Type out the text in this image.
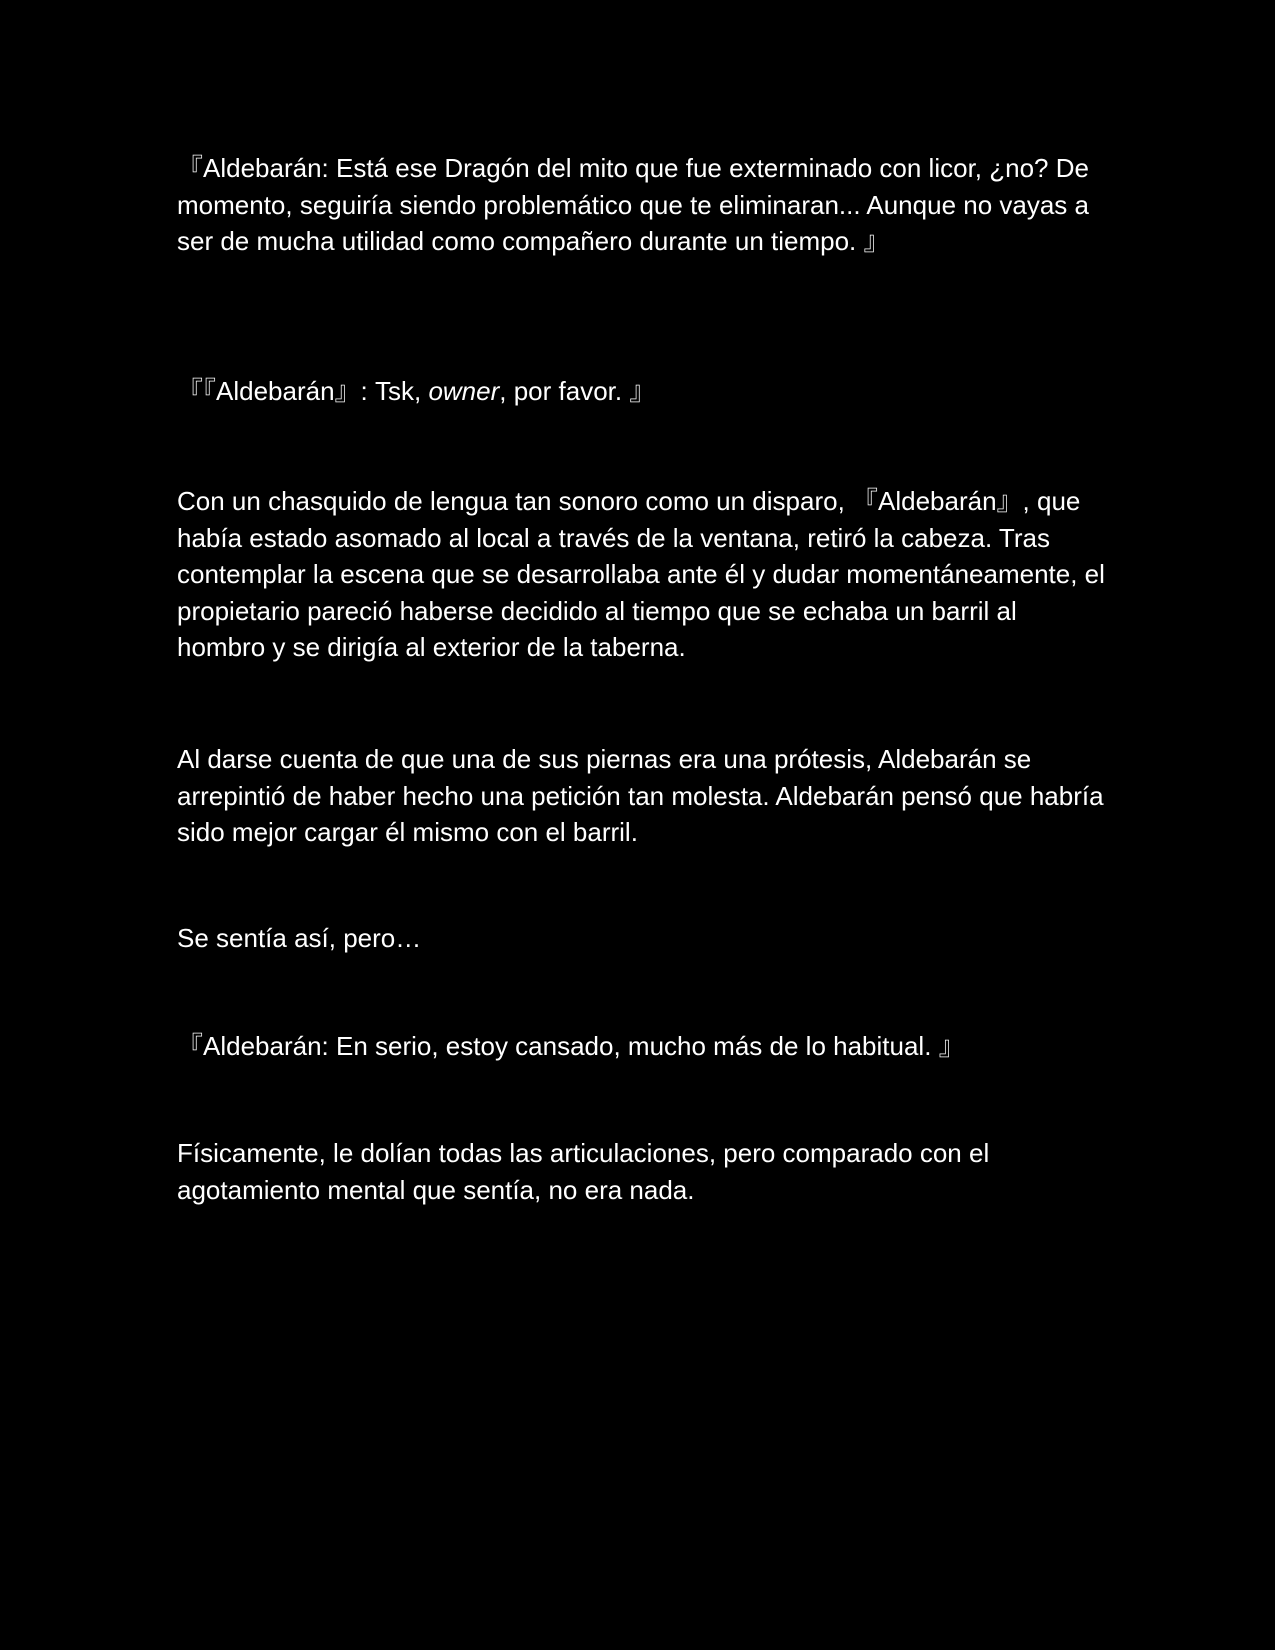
『Aldebarán: Está ese Dragón del mito que fue exterminado con licor, ¿no? De momento, seguiría siendo problemático que te eliminaran... Aunque no vayas a ser de mucha utilidad como compañero durante un tiempo. 』

『『Aldebarán』: Tsk, owner, por favor. 』

Con un chasquido de lengua tan sonoro como un disparo, 『Aldebarán』, que había estado asomado al local a través de la ventana, retiró la cabeza. Tras contemplar la escena que se desarrollaba ante él y dudar momentáneamente, el propietario pareció haberse decidido al tiempo que se echaba un barril al hombro y se dirigía al exterior de la taberna.

Al darse cuenta de que una de sus piernas era una prótesis, Aldebarán se arrepintió de haber hecho una petición tan molesta. Aldebarán pensó que habría sido mejor cargar él mismo con el barril.

Se sentía así, pero…

『Aldebarán: En serio, estoy cansado, mucho más de lo habitual. 』

Físicamente, le dolían todas las articulaciones, pero comparado con el agotamiento mental que sentía, no era nada.
